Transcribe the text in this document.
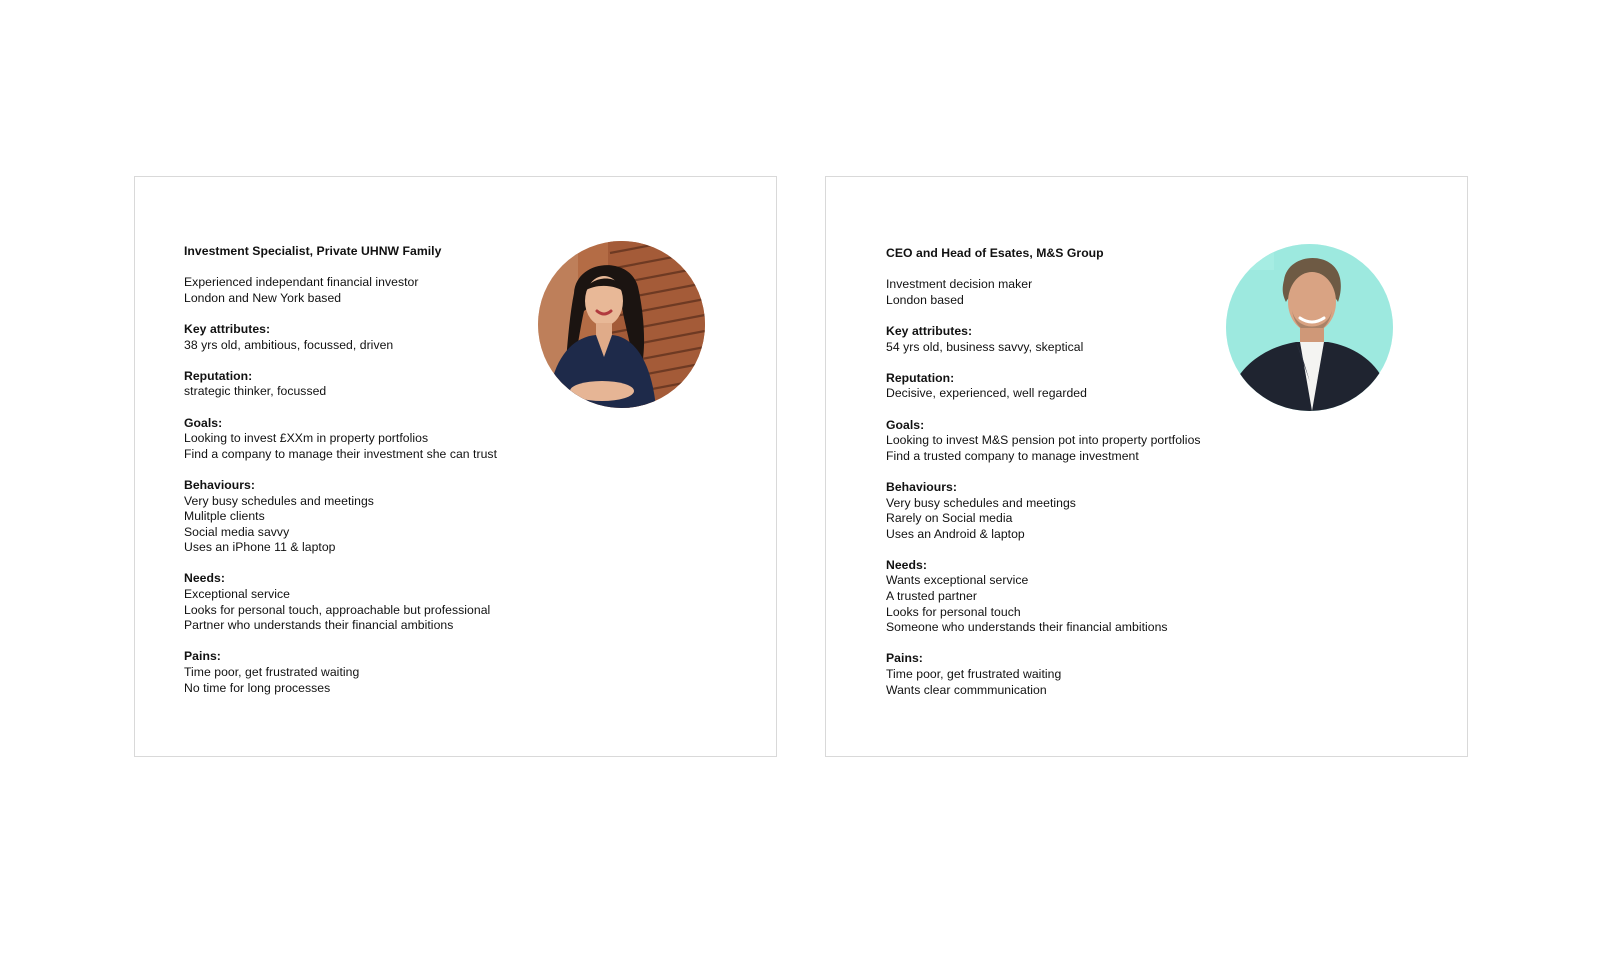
Investment Specialist, Private UHNW Family
Experienced independant financial investor
London and New York based
Key attributes:
38 yrs old, ambitious, focussed, driven
Reputation:
strategic thinker, focussed
Goals:
Looking to invest £XXm in property portfolios
Find a company to manage their investment she can trust
Behaviours:
Very busy schedules and meetings
Mulitple clients
Social media savvy
Uses an iPhone 11 & laptop
Needs:
Exceptional service
Looks for personal touch, approachable but professional
Partner who understands their financial ambitions
Pains:
Time poor, get frustrated waiting
No time for long processes
CEO and Head of Esates, M&S Group
Investment decision maker
London based
Key attributes:
54 yrs old, business savvy, skeptical
Reputation:
Decisive, experienced, well regarded
Goals:
Looking to invest M&S pension pot into property portfolios
Find a trusted company to manage investment
Behaviours:
Very busy schedules and meetings
Rarely on Social media
Uses an Android & laptop
Needs:
Wants exceptional service
A trusted partner
Looks for personal touch
Someone who understands their financial ambitions
Pains:
Time poor, get frustrated waiting
Wants clear commmunication
